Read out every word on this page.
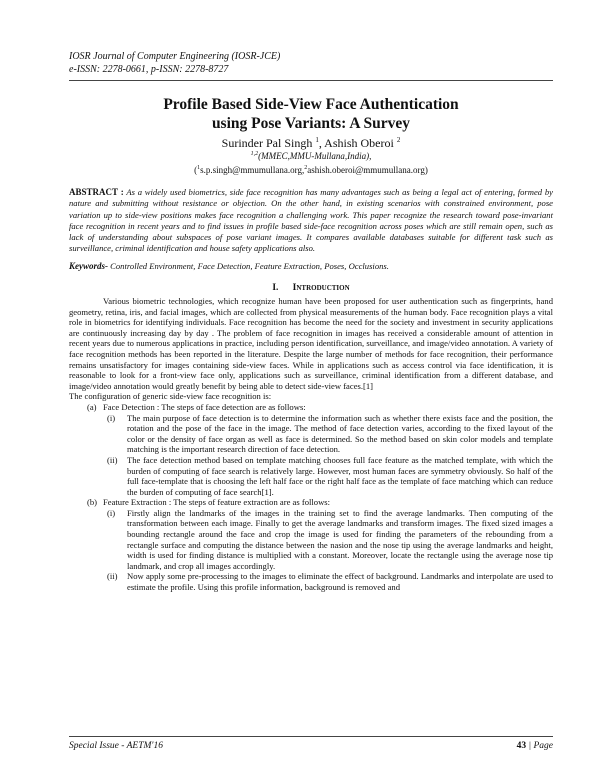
IOSR Journal of Computer Engineering (IOSR-JCE)
e-ISSN: 2278-0661, p-ISSN: 2278-8727
Profile Based Side-View Face Authentication
using Pose Variants: A Survey
Surinder Pal Singh $^1$, Ashish Oberoi $^2$
$^{1,2}$(MMEC,MMU-Mullana,India),
($^1$s.p.singh@mmumullana.org,$^2$ashish.oberoi@mmumullana.org)
ABSTRACT : As a widely used biometrics, side face recognition has many advantages such as being a legal act of entering, formed by nature and submitting without resistance or objection. On the other hand, in existing scenarios with constrained environment, pose variation up to side-view positions makes face recognition a challenging work. This paper recognize the research toward pose-invariant face recognition in recent years and to find issues in profile based side-face recognition across poses which are still remain open, such as lack of understanding about subspaces of pose variant images. It compares available databases suitable for different task such as surveillance, criminal identification and house safety applications also.
Keywords- Controlled Environment, Face Detection, Feature Extraction, Poses, Occlusions.
I. Introduction

Various biometric technologies, which recognize human have been proposed for user authentication such as fingerprints, hand geometry, retina, iris, and facial images, which are collected from physical measurements of the human body. Face recognition plays a vital role in biometrics for identifying individuals. Face recognition has become the need for the society and investment in security applications are continuously increasing day by day . The problem of face recognition in images has received a considerable amount of attention in recent years due to numerous applications in practice, including person identification, surveillance, and image/video annotation. A variety of face recognition methods has been reported in the literature. Despite the large number of methods for face recognition, their performance remains unsatisfactory for images containing side-view faces. While in applications such as access control via face identification, it is reasonable to look for a front-view face only, applications such as surveillance, criminal identification from a different database, and image/video annotation would greatly benefit by being able to detect side-view faces.[1]

The configuration of generic side-view face recognition is:

(a) Face Detection : The steps of face detection are as follows:
(i) The main purpose of face detection is to determine the information such as whether there exists face and the position, the rotation and the pose of the face in the image. The method of face detection varies, according to the fixed layout of the color or the density of face organ as well as face is determined. So the method based on skin color models and template matching is the important research direction of face detection.
(ii) The face detection method based on template matching chooses full face feature as the matched template, with which the burden of computing of face search is relatively large. However, most human faces are symmetry obviously. So half of the full face-template that is choosing the left half face or the right half face as the template of face matching which can reduce the burden of computing of face search[1].
(b) Feature Extraction : The steps of feature extraction are as follows:
(i) Firstly align the landmarks of the images in the training set to find the average landmarks. Then computing of the transformation between each image. Finally to get the average landmarks and transform images. The fixed sized images a bounding rectangle around the face and crop the image is used for finding the parameters of the rebounding from a rectangle surface and computing the distance between the nasion and the nose tip using the average landmarks and height, width is used for finding distance is multiplied with a constant. Moreover, locate the rectangle using the average nose tip landmark, and crop all images accordingly.
(ii) Now apply some pre-processing to the images to eliminate the effect of background. Landmarks and interpolate are used to estimate the profile. Using this profile information, background is removed and
Special Issue - AETM'16	43 | Page
